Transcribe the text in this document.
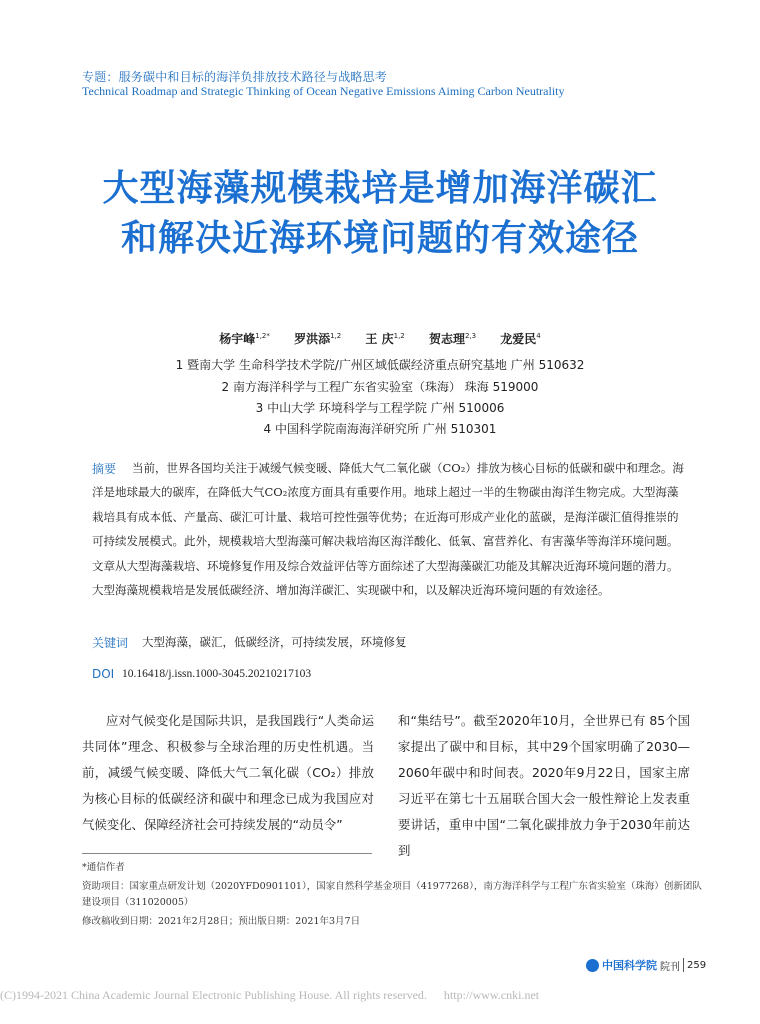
专题：服务碳中和目标的海洋负排放技术路径与战略思考
Technical Roadmap and Strategic Thinking of Ocean Negative Emissions Aiming Carbon Neutrality
大型海藻规模栽培是增加海洋碳汇
和解决近海环境问题的有效途径
杨宇峰$^{1,2*}$ 罗洪添$^{1,2}$ 王 庆$^{1,2}$ 贺志理$^{2,3}$ 龙爱民$^4$
1 暨南大学 生命科学技术学院/广州区域低碳经济重点研究基地 广州 510632
2 南方海洋科学与工程广东省实验室（珠海） 珠海 519000
3 中山大学 环境科学与工程学院 广州 510006
4 中国科学院南海海洋研究所 广州 510301
摘要	当前，世界各国均关注于减缓气候变暖、降低大气二氧化碳（CO₂）排放为核心目标的低碳和碳中和理念。海洋是地球最大的碳库，在降低大气CO₂浓度方面具有重要作用。地球上超过一半的生物碳由海洋生物完成。大型海藻栽培具有成本低、产量高、碳汇可计量、栽培可控性强等优势；在近海可形成产业化的蓝碳，是海洋碳汇值得推崇的可持续发展模式。此外，规模栽培大型海藻可解决栽培海区海洋酸化、低氧、富营养化、有害藻华等海洋环境问题。文章从大型海藻栽培、环境修复作用及综合效益评估等方面综述了大型海藻碳汇功能及其解决近海环境问题的潜力。大型海藻规模栽培是发展低碳经济、增加海洋碳汇、实现碳中和，以及解决近海环境问题的有效途径。
关键词 大型海藻，碳汇，低碳经济，可持续发展，环境修复
DOI 10.16418/j.issn.1000-3045.20210217103
应对气候变化是国际共识，是我国践行“人类命运共同体”理念、积极参与全球治理的历史性机遇。当前，减缓气候变暖、降低大气二氧化碳（CO₂）排放为核心目标的低碳经济和碳中和理念已成为我国应对气候变化、保障经济社会可持续发展的“动员令”
和“集结号”。截至2020年10月，全世界已有 85个国家提出了碳中和目标，其中29个国家明确了2030—2060年碳中和时间表。2020年9月22日，国家主席习近平在第七十五届联合国大会一般性辩论上发表重要讲话，重申中国“二氧化碳排放力争于2030年前达到
*通信作者
资助项目：国家重点研发计划（2020YFD0901101），国家自然科学基金项目（41977268），南方海洋科学与工程广东省实验室（珠海）创新团队建设项目（311020005）
修改稿收到日期：2021年2月28日；预出版日期：2021年3月7日
中国科学院 院刊 259
(C)1994-2021 China Academic Journal Electronic Publishing House. All rights reserved. http://www.cnki.net
